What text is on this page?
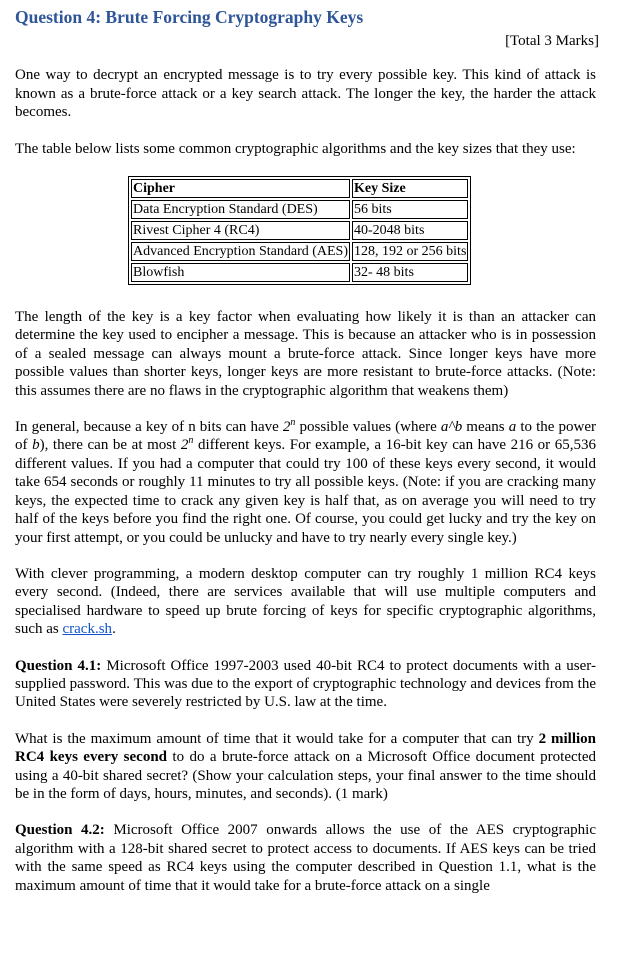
Question 4: Brute Forcing Cryptography Keys
[Total 3 Marks]

One way to decrypt an encrypted message is to try every possible key. This kind of attack is known as a brute-force attack or a key search attack. The longer the key, the harder the attack becomes.

The table below lists some common cryptographic algorithms and the key sizes that they use:

Cipher	Key Size
Data Encryption Standard (DES)	56 bits
Rivest Cipher 4 (RC4)	40-2048 bits
Advanced Encryption Standard (AES)	128, 192 or 256 bits
Blowfish	32- 48 bits

The length of the key is a key factor when evaluating how likely it is than an attacker can determine the key used to encipher a message. This is because an attacker who is in possession of a sealed message can always mount a brute-force attack. Since longer keys have more possible values than shorter keys, longer keys are more resistant to brute-force attacks. (Note: this assumes there are no flaws in the cryptographic algorithm that weakens them)

In general, because a key of n bits can have 2$^n$ possible values (where a^b means a to the power of b), there can be at most 2$^n$ different keys. For example, a 16-bit key can have 216 or 65,536 different values. If you had a computer that could try 100 of these keys every second, it would take 654 seconds or roughly 11 minutes to try all possible keys. (Note: if you are cracking many keys, the expected time to crack any given key is half that, as on average you will need to try half of the keys before you find the right one. Of course, you could get lucky and try the key on your first attempt, or you could be unlucky and have to try nearly every single key.)

With clever programming, a modern desktop computer can try roughly 1 million RC4 keys every second. (Indeed, there are services available that will use multiple computers and specialised hardware to speed up brute forcing of keys for specific cryptographic algorithms, such as crack.sh.

Question 4.1: Microsoft Office 1997-2003 used 40-bit RC4 to protect documents with a user-supplied password. This was due to the export of cryptographic technology and devices from the United States were severely restricted by U.S. law at the time.

What is the maximum amount of time that it would take for a computer that can try 2 million RC4 keys every second to do a brute-force attack on a Microsoft Office document protected using a 40-bit shared secret? (Show your calculation steps, your final answer to the time should be in the form of days, hours, minutes, and seconds). (1 mark)

Question 4.2: Microsoft Office 2007 onwards allows the use of the AES cryptographic algorithm with a 128-bit shared secret to protect access to documents. If AES keys can be tried with the same speed as RC4 keys using the computer described in Question 1.1, what is the maximum amount of time that it would take for a brute-force attack on a single
